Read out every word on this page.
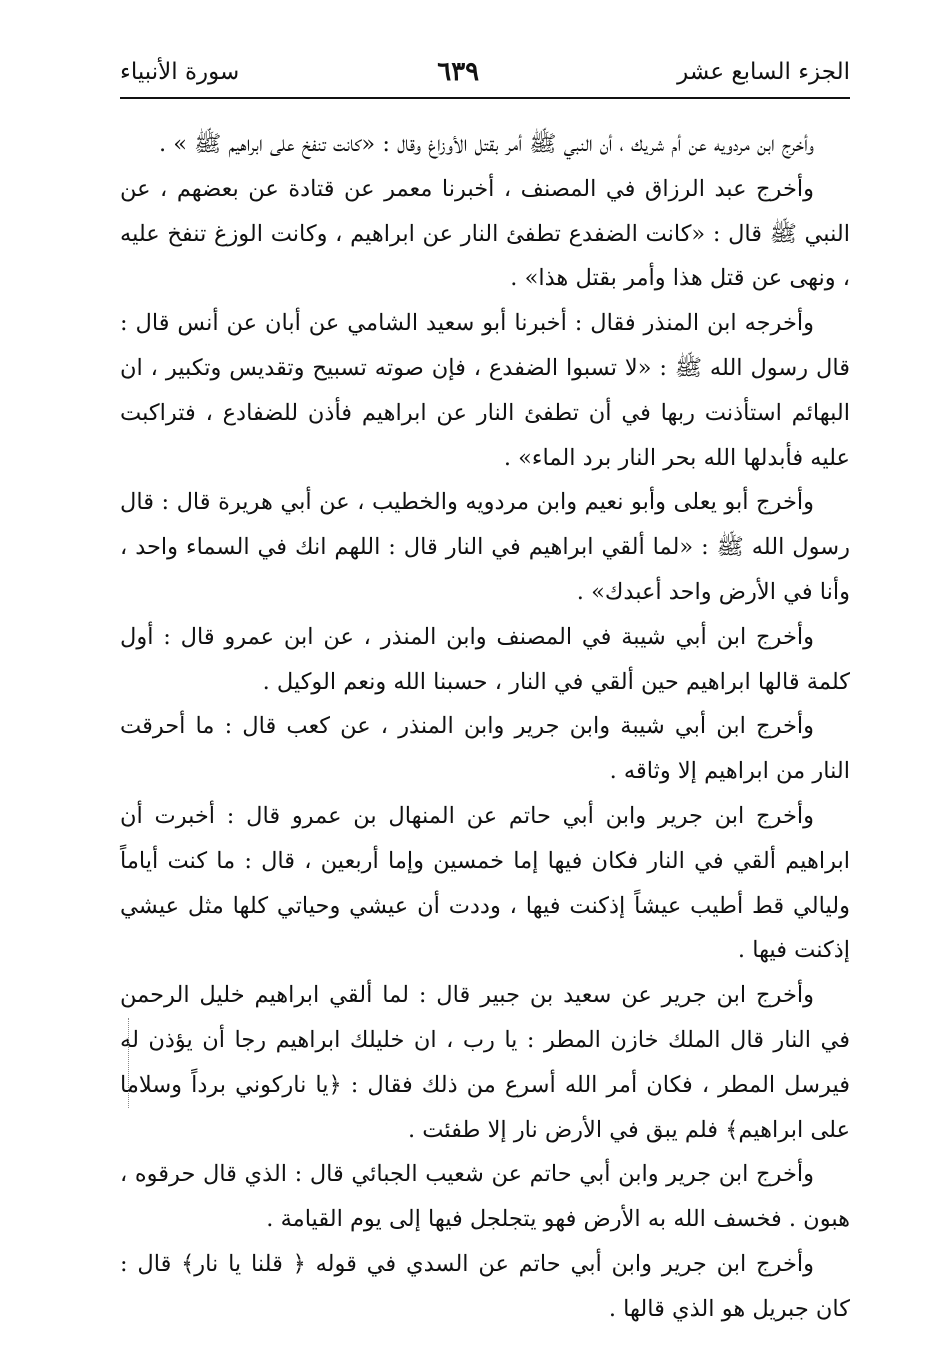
الجزء السابع عشر
٦٣٩
سورة الأنبياء

وأخرج ابن مردويه عن أم شريك ، أن النبي ﷺ أمر بقتل الأوزاغ وقال : «كانت تنفخ على ابراهيم ﷺ » .

وأخرج عبد الرزاق في المصنف ، أخبرنا معمر عن قتادة عن بعضهم ، عن النبي ﷺ قال : «كانت الضفدع تطفئ النار عن ابراهيم ، وكانت الوزغ تنفخ عليه ، ونهى عن قتل هذا وأمر بقتل هذا» .

وأخرجه ابن المنذر فقال : أخبرنا أبو سعيد الشامي عن أبان عن أنس قال : قال رسول الله ﷺ : «لا تسبوا الضفدع ، فإن صوته تسبيح وتقديس وتكبير ، ان البهائم استأذنت ربها في أن تطفئ النار عن ابراهيم فأذن للضفادع ، فتراكبت عليه فأبدلها الله بحر النار برد الماء» .

وأخرج أبو يعلى وأبو نعيم وابن مردويه والخطيب ، عن أبي هريرة قال : قال رسول الله ﷺ : «لما ألقي ابراهيم في النار قال : اللهم انك في السماء واحد ، وأنا في الأرض واحد أعبدك» .

وأخرج ابن أبي شيبة في المصنف وابن المنذر ، عن ابن عمرو قال : أول كلمة قالها ابراهيم حين ألقي في النار ، حسبنا الله ونعم الوكيل .

وأخرج ابن أبي شيبة وابن جرير وابن المنذر ، عن كعب قال : ما أحرقت النار من ابراهيم إلا وثاقه .

وأخرج ابن جرير وابن أبي حاتم عن المنهال بن عمرو قال : أخبرت أن ابراهيم ألقي في النار فكان فيها إما خمسين وإما أربعين ، قال : ما كنت أياماً وليالي قط أطيب عيشاً إذكنت فيها ، وددت أن عيشي وحياتي كلها مثل عيشي إذكنت فيها .

وأخرج ابن جرير عن سعيد بن جبير قال : لما ألقي ابراهيم خليل الرحمن في النار قال الملك خازن المطر : يا رب ، ان خليلك ابراهيم رجا أن يؤذن له فيرسل المطر ، فكان أمر الله أسرع من ذلك فقال : ﴿يا ناركوني برداً وسلاما على ابراهيم﴾ فلم يبق في الأرض نار إلا طفئت .

وأخرج ابن جرير وابن أبي حاتم عن شعيب الجبائي قال : الذي قال حرقوه ، هبون . فخسف الله به الأرض فهو يتجلجل فيها إلى يوم القيامة .

وأخرج ابن جرير وابن أبي حاتم عن السدي في قوله ﴿ قلنا يا نار﴾ قال : كان جبريل هو الذي قالها .
